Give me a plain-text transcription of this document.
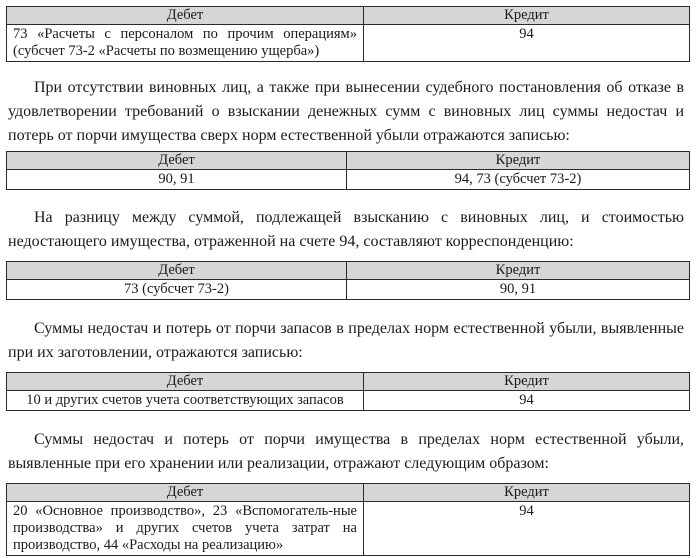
Дебет	Кредит
73 «Расчеты с персоналом по прочим операциям» (субсчет 73-2 «Расчеты по возмещению ущерба»)	94

При отсутствии виновных лиц, а также при вынесении судебного постановления об отказе в удовлетворении требований о взыскании денежных сумм с виновных лиц суммы недостач и потерь от порчи имущества сверх норм естественной убыли отражаются записью:

Дебет	Кредит
90, 91	94, 73 (субсчет 73-2)

На разницу между суммой, подлежащей взысканию с виновных лиц, и стоимостью недостающего имущества, отраженной на счете 94, составляют корреспонденцию:

Дебет	Кредит
73 (субсчет 73-2)	90, 91

Суммы недостач и потерь от порчи запасов в пределах норм естественной убыли, выявленные при их заготовлении, отражаются записью:

Дебет	Кредит
10 и других счетов учета соответствующих запасов	94

Суммы недостач и потерь от порчи имущества в пределах норм естественной убыли, выявленные при его хранении или реализации, отражают следующим образом:

Дебет	Кредит
20 «Основное производство», 23 «Вспомогатель-ные производства» и других счетов учета затрат на производство, 44 «Расходы на реализацию»	94
